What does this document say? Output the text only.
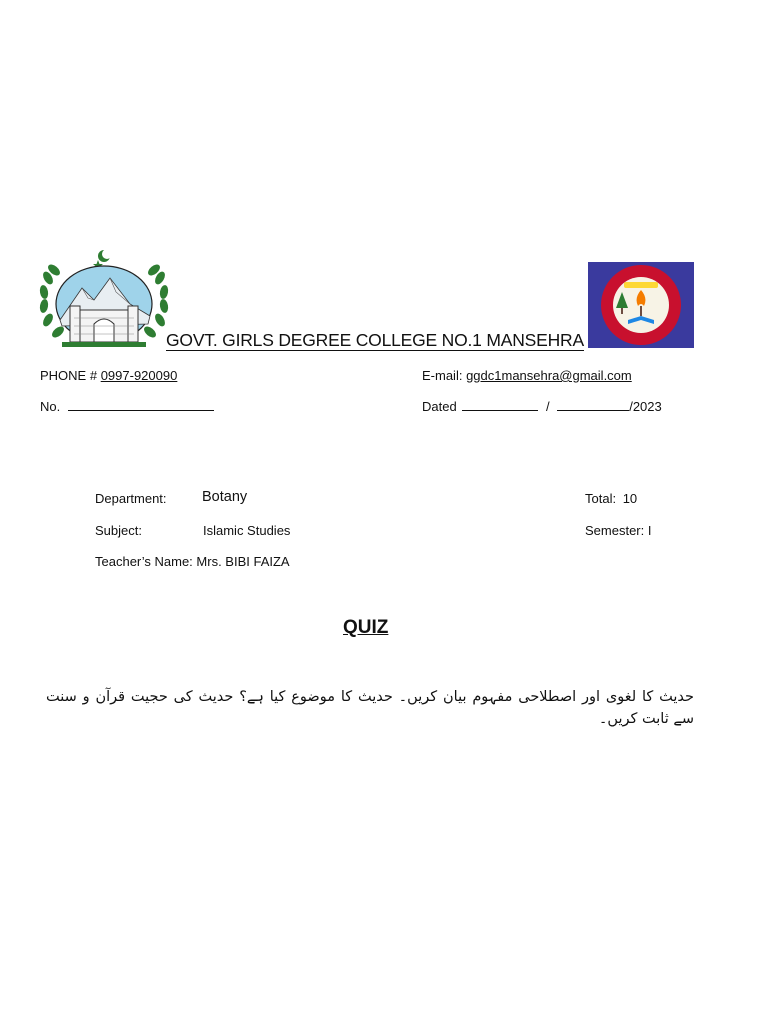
GOVT. GIRLS DEGREE COLLEGE NO.1 MANSEHRA
PHONE # 0997-920090	E-mail: ggdc1mansehra@gmail.com
No.	Dated	/	/2023
Department: Botany	Total: 10
Subject:	Islamic Studies	Semester: I
Teacher’s Name: Mrs. BIBI FAIZA
QUIZ
حدیث کا لغوی اور اصطلاحی مفہوم بیان کریں۔ حدیث کا موضوع کیا ہے؟ حدیث کی حجیت قرآن و سنت سے ثابت کریں۔
